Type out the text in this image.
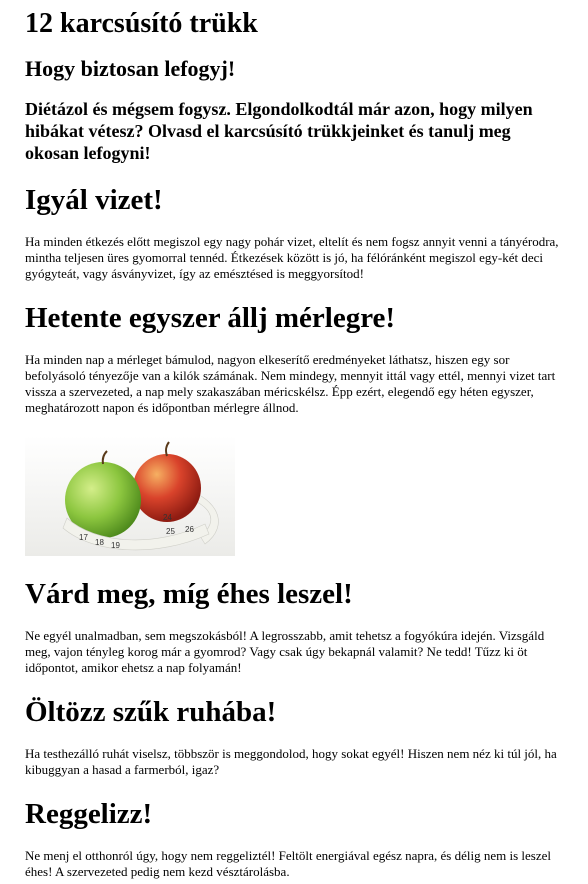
12 karcsúsító trükk
Hogy biztosan lefogyj!

Diétázol és mégsem fogysz. Elgondolkodtál már azon, hogy milyen hibákat vétesz? Olvasd el karcsúsító trükkjeinket és tanulj meg okosan lefogyni!

Igyál vizet!

Ha minden étkezés előtt megiszol egy nagy pohár vizet, eltelít és nem fogsz annyit venni a tányérodra, mintha teljesen üres gyomorral tennéd. Étkezések között is jó, ha félóránként megiszol egy-két deci gyógyteát, vagy ásványvizet, így az emésztésed is meggyorsítod!

Hetente egyszer állj mérlegre!

Ha minden nap a mérleget bámulod, nagyon elkeserítő eredményeket láthatsz, hiszen egy sor befolyásoló tényezője van a kilók számának. Nem mindegy, mennyit ittál vagy ettél, mennyi vizet tart vissza a szervezeted, a nap mely szakaszában méricskélsz. Épp ezért, elegendő egy héten egyszer, meghatározott napon és időpontban mérlegre állnod.

17
18 19
24
25 26
Várd meg, míg éhes leszel!

Ne egyél unalmadban, sem megszokásból! A legrosszabb, amit tehetsz a fogyókúra idején. Vizsgáld meg, vajon tényleg korog már a gyomrod? Vagy csak úgy bekapnál valamit? Ne tedd! Tűzz ki öt időpontot, amikor ehetsz a nap folyamán!

Öltözz szűk ruhába!

Ha testhezálló ruhát viselsz, többször is meggondolod, hogy sokat egyél! Hiszen nem néz ki túl jól, ha kibuggyan a hasad a farmerból, igaz?

Reggelizz!

Ne menj el otthonról úgy, hogy nem reggeliztél! Feltölt energiával egész napra, és délig nem is leszel éhes! A szervezeted pedig nem kezd vésztárolásba.
